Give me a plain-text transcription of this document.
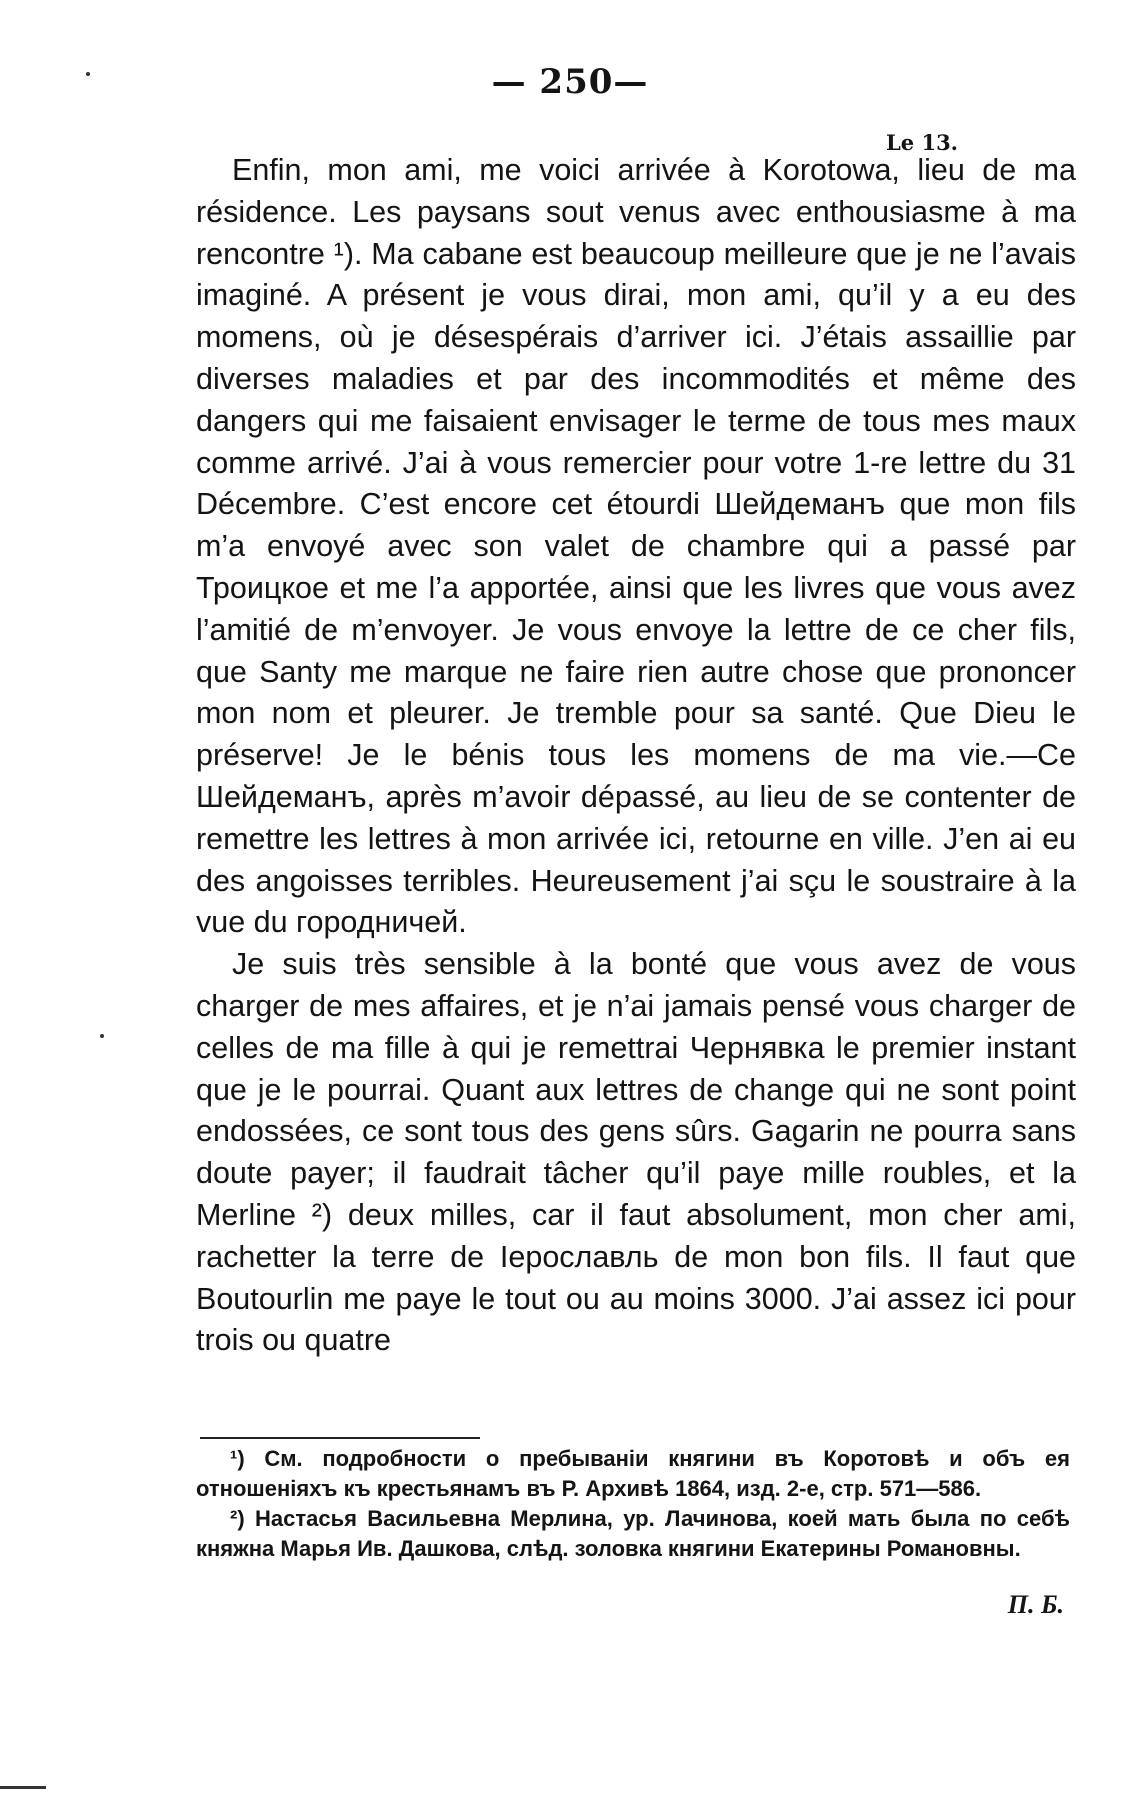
— 250—
Le 13.

Enfin, mon ami, me voici arrivée à Korotowa, lieu de ma résidence. Les paysans sout venus avec enthousiasme à ma rencontre ¹). Ma cabane est beaucoup meilleure que je ne l’avais imaginé. A présent je vous dirai, mon ami, qu’il y a eu des momens, où je désespérais d’arriver ici. J’étais assaillie par diverses maladies et par des incommodités et même des dangers qui me faisaient envisager le terme de tous mes maux comme arrivé. J’ai à vous remercier pour votre 1-re lettre du 31 Décembre. C’est encore cet étourdi Шейдеманъ que mon fils m’a envoyé avec son valet de chambre qui a passé par Троицкое et me l’a apportée, ainsi que les livres que vous avez l’amitié de m’envoyer. Je vous envoye la lettre de ce cher fils, que Santy me marque ne faire rien autre chose que prononcer mon nom et pleurer. Je tremble pour sa santé. Que Dieu le préserve! Je le bénis tous les momens de ma vie.—Ce Шейдеманъ, après m’avoir dépassé, au lieu de se contenter de remettre les lettres à mon arrivée ici, retourne en ville. J’en ai eu des angoisses terribles. Heureusement j’ai sçu le soustraire à la vue du городничей.

Je suis très sensible à la bonté que vous avez de vous charger de mes affaires, et je n’ai jamais pensé vous charger de celles de ma fille à qui je remettrai Чернявка le premier instant que je le pourrai. Quant aux lettres de change qui ne sont point endossées, ce sont tous des gens sûrs. Gagarin ne pourra sans doute payer; il faudrait tâcher qu’il paye mille roubles, et la Merline ²) deux milles, car il faut absolument, mon cher ami, rachetter la terre de Іерославль de mon bon fils. Il faut que Boutourlin me paye le tout ou au moins 3000. J’ai assez ici pour trois ou quatre

¹) См. подробности о пребываніи княгини въ Коротовѣ и объ ея отношеніяхъ къ крестьянамъ въ Р. Архивѣ 1864, изд. 2-е, стр. 571—586.

²) Настасья Васильевна Мерлина, ур. Лачинова, коей мать была по себѣ княжна Марья Ив. Дашкова, слѣд. золовка княгини Екатерины Романовны.

П. Б.
